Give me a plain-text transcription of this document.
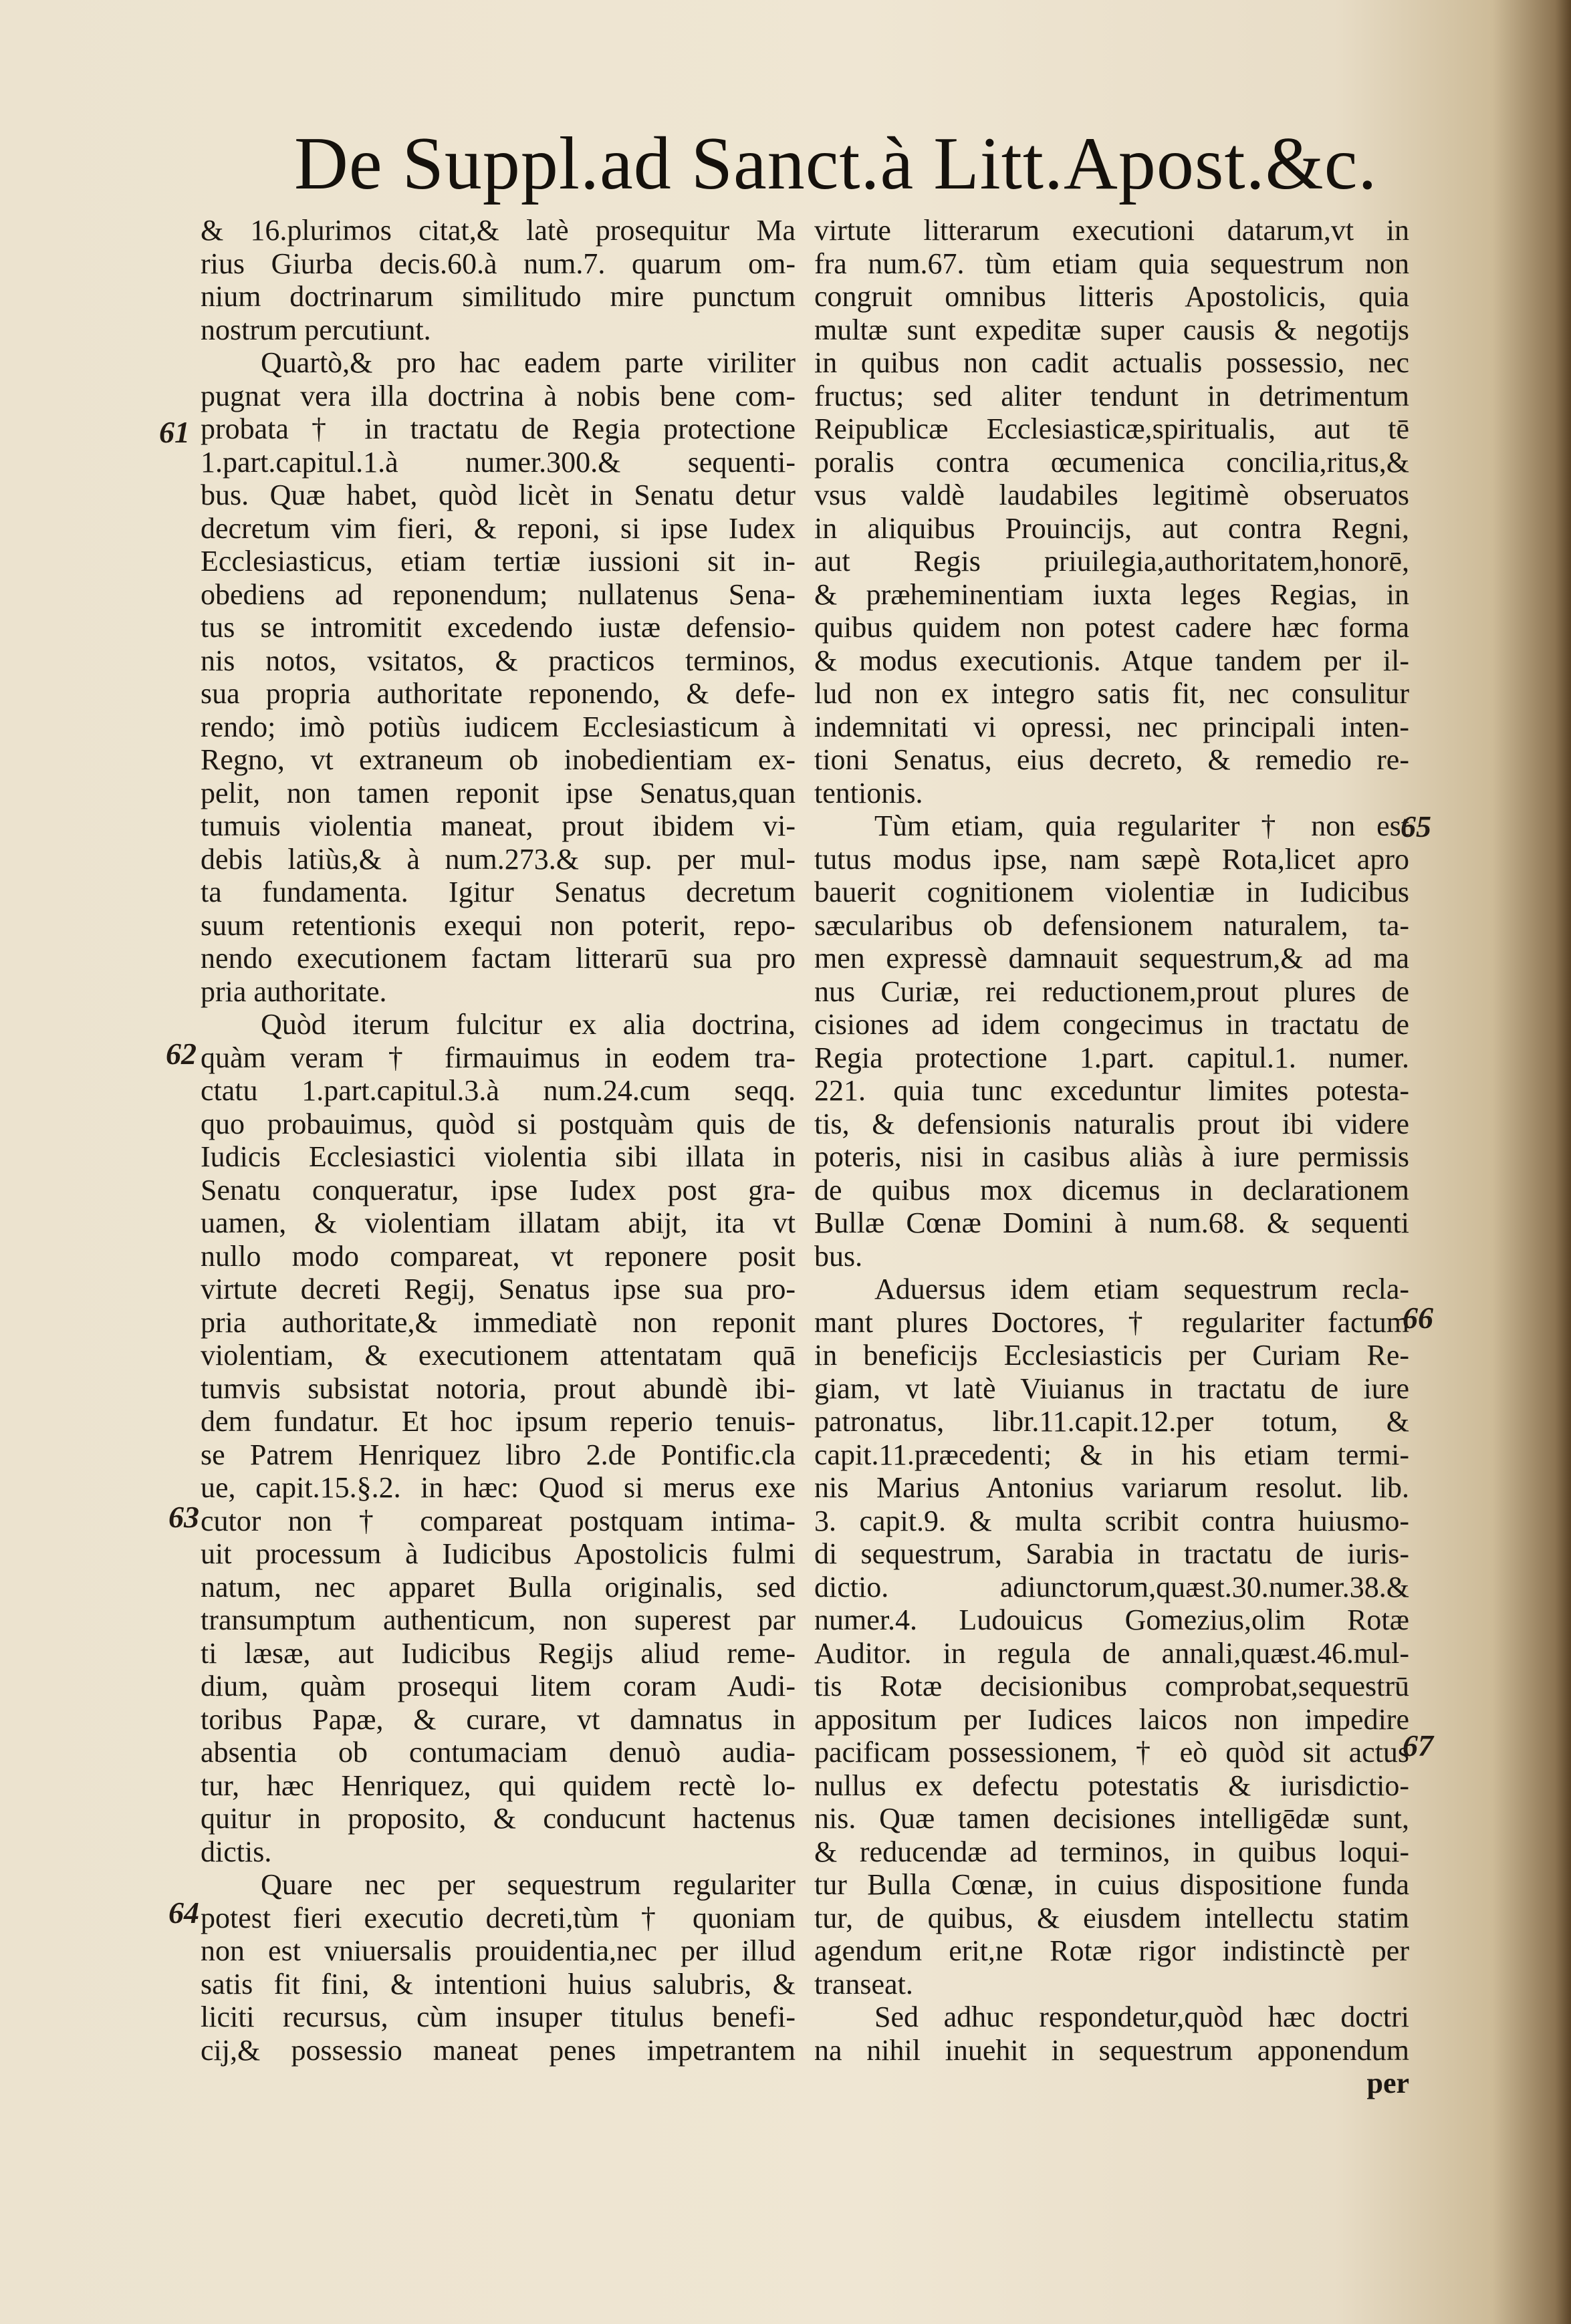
De Suppl.ad Sanct.à Litt.Apost.&c.
& 16.plurimos citat,& latè prosequitur Ma
rius Giurba decis.60.à num.7. quarum om-
nium doctrinarum similitudo mire punctum
nostrum percutiunt.
Quartò,& pro hac eadem parte viriliter
pugnat vera illa doctrina à nobis bene com-
probata † in tractatu de Regia protectione
1.part.capitul.1.à numer.300.& sequenti-
bus. Quæ habet, quòd licèt in Senatu detur
decretum vim fieri, & reponi, si ipse Iudex
Ecclesiasticus, etiam tertiæ iussioni sit in-
obediens ad reponendum; nullatenus Sena-
tus se intromitit excedendo iustæ defensio-
nis notos, vsitatos, & practicos terminos,
sua propria authoritate reponendo, & defe-
rendo; imò potiùs iudicem Ecclesiasticum à
Regno, vt extraneum ob inobedientiam ex-
pelit, non tamen reponit ipse Senatus,quan
tumuis violentia maneat, prout ibidem vi-
debis latiùs,& à num.273.& sup. per mul-
ta fundamenta. Igitur Senatus decretum
suum retentionis exequi non poterit, repo-
nendo executionem factam litterarū sua pro
pria authoritate.
Quòd iterum fulcitur ex alia doctrina,
quàm veram † firmauimus in eodem tra-
ctatu 1.part.capitul.3.à num.24.cum seqq.
quo probauimus, quòd si postquàm quis de
Iudicis Ecclesiastici violentia sibi illata in
Senatu conqueratur, ipse Iudex post gra-
uamen, & violentiam illatam abijt, ita vt
nullo modo compareat, vt reponere posit
virtute decreti Regij, Senatus ipse sua pro-
pria authoritate,& immediatè non reponit
violentiam, & executionem attentatam quā
tumvis subsistat notoria, prout abundè ibi-
dem fundatur. Et hoc ipsum reperio tenuis-
se Patrem Henriquez libro 2.de Pontific.cla
ue, capit.15.§.2. in hæc: Quod si merus exe
cutor non † compareat postquam intima-
uit processum à Iudicibus Apostolicis fulmi
natum, nec apparet Bulla originalis, sed
transumptum authenticum, non superest par
ti læsæ, aut Iudicibus Regijs aliud reme-
dium, quàm prosequi litem coram Audi-
toribus Papæ, & curare, vt damnatus in
absentia ob contumaciam denuò audia-
tur, hæc Henriquez, qui quidem rectè lo-
quitur in proposito, & conducunt hactenus
dictis.
Quare nec per sequestrum regulariter
potest fieri executio decreti,tùm † quoniam
non est vniuersalis prouidentia,nec per illud
satis fit fini, & intentioni huius salubris, &
liciti recursus, cùm insuper titulus benefi-
cij,& possessio maneat penes impetrantem
virtute litterarum executioni datarum,vt in
fra num.67. tùm etiam quia sequestrum non
congruit omnibus litteris Apostolicis, quia
multæ sunt expeditæ super causis & negotijs
in quibus non cadit actualis possessio, nec
fructus; sed aliter tendunt in detrimentum
Reipublicæ Ecclesiasticæ,spiritualis, aut tē
poralis contra œcumenica concilia,ritus,&
vsus valdè laudabiles legitimè obseruatos
in aliquibus Prouincijs, aut contra Regni,
aut Regis priuilegia,authoritatem,honorē,
& præheminentiam iuxta leges Regias, in
quibus quidem non potest cadere hæc forma
& modus executionis. Atque tandem per il-
lud non ex integro satis fit, nec consulitur
indemnitati vi opressi, nec principali inten-
tioni Senatus, eius decreto, & remedio re-
tentionis.
Tùm etiam, quia regulariter † non est
tutus modus ipse, nam sæpè Rota,licet apro
bauerit cognitionem violentiæ in Iudicibus
sæcularibus ob defensionem naturalem, ta-
men expressè damnauit sequestrum,& ad ma
nus Curiæ, rei reductionem,prout plures de
cisiones ad idem congecimus in tractatu de
Regia protectione 1.part. capitul.1. numer.
221. quia tunc exceduntur limites potesta-
tis, & defensionis naturalis prout ibi videre
poteris, nisi in casibus aliàs à iure permissis
de quibus mox dicemus in declarationem
Bullæ Cœnæ Domini à num.68. & sequenti
bus.
Aduersus idem etiam sequestrum recla-
mant plures Doctores, † regulariter factum
in beneficijs Ecclesiasticis per Curiam Re-
giam, vt latè Viuianus in tractatu de iure
patronatus, libr.11.capit.12.per totum, &
capit.11.præcedenti; & in his etiam termi-
nis Marius Antonius variarum resolut. lib.
3. capit.9. & multa scribit contra huiusmo-
di sequestrum, Sarabia in tractatu de iuris-
dictio. adiunctorum,quæst.30.numer.38.&
numer.4. Ludouicus Gomezius,olim Rotæ
Auditor. in regula de annali,quæst.46.mul-
tis Rotæ decisionibus comprobat,sequestrū
appositum per Iudices laicos non impedire
pacificam possessionem, † eò quòd sit actus
nullus ex defectu potestatis & iurisdictio-
nis. Quæ tamen decisiones intelligēdæ sunt,
& reducendæ ad terminos, in quibus loqui-
tur Bulla Cœnæ, in cuius dispositione funda
tur, de quibus, & eiusdem intellectu statim
agendum erit,ne Rotæ rigor indistinctè per
transeat.
Sed adhuc respondetur,quòd hæc doctri
na nihil inuehit in sequestrum apponendum
per
61
62
63
64
65
66
67
